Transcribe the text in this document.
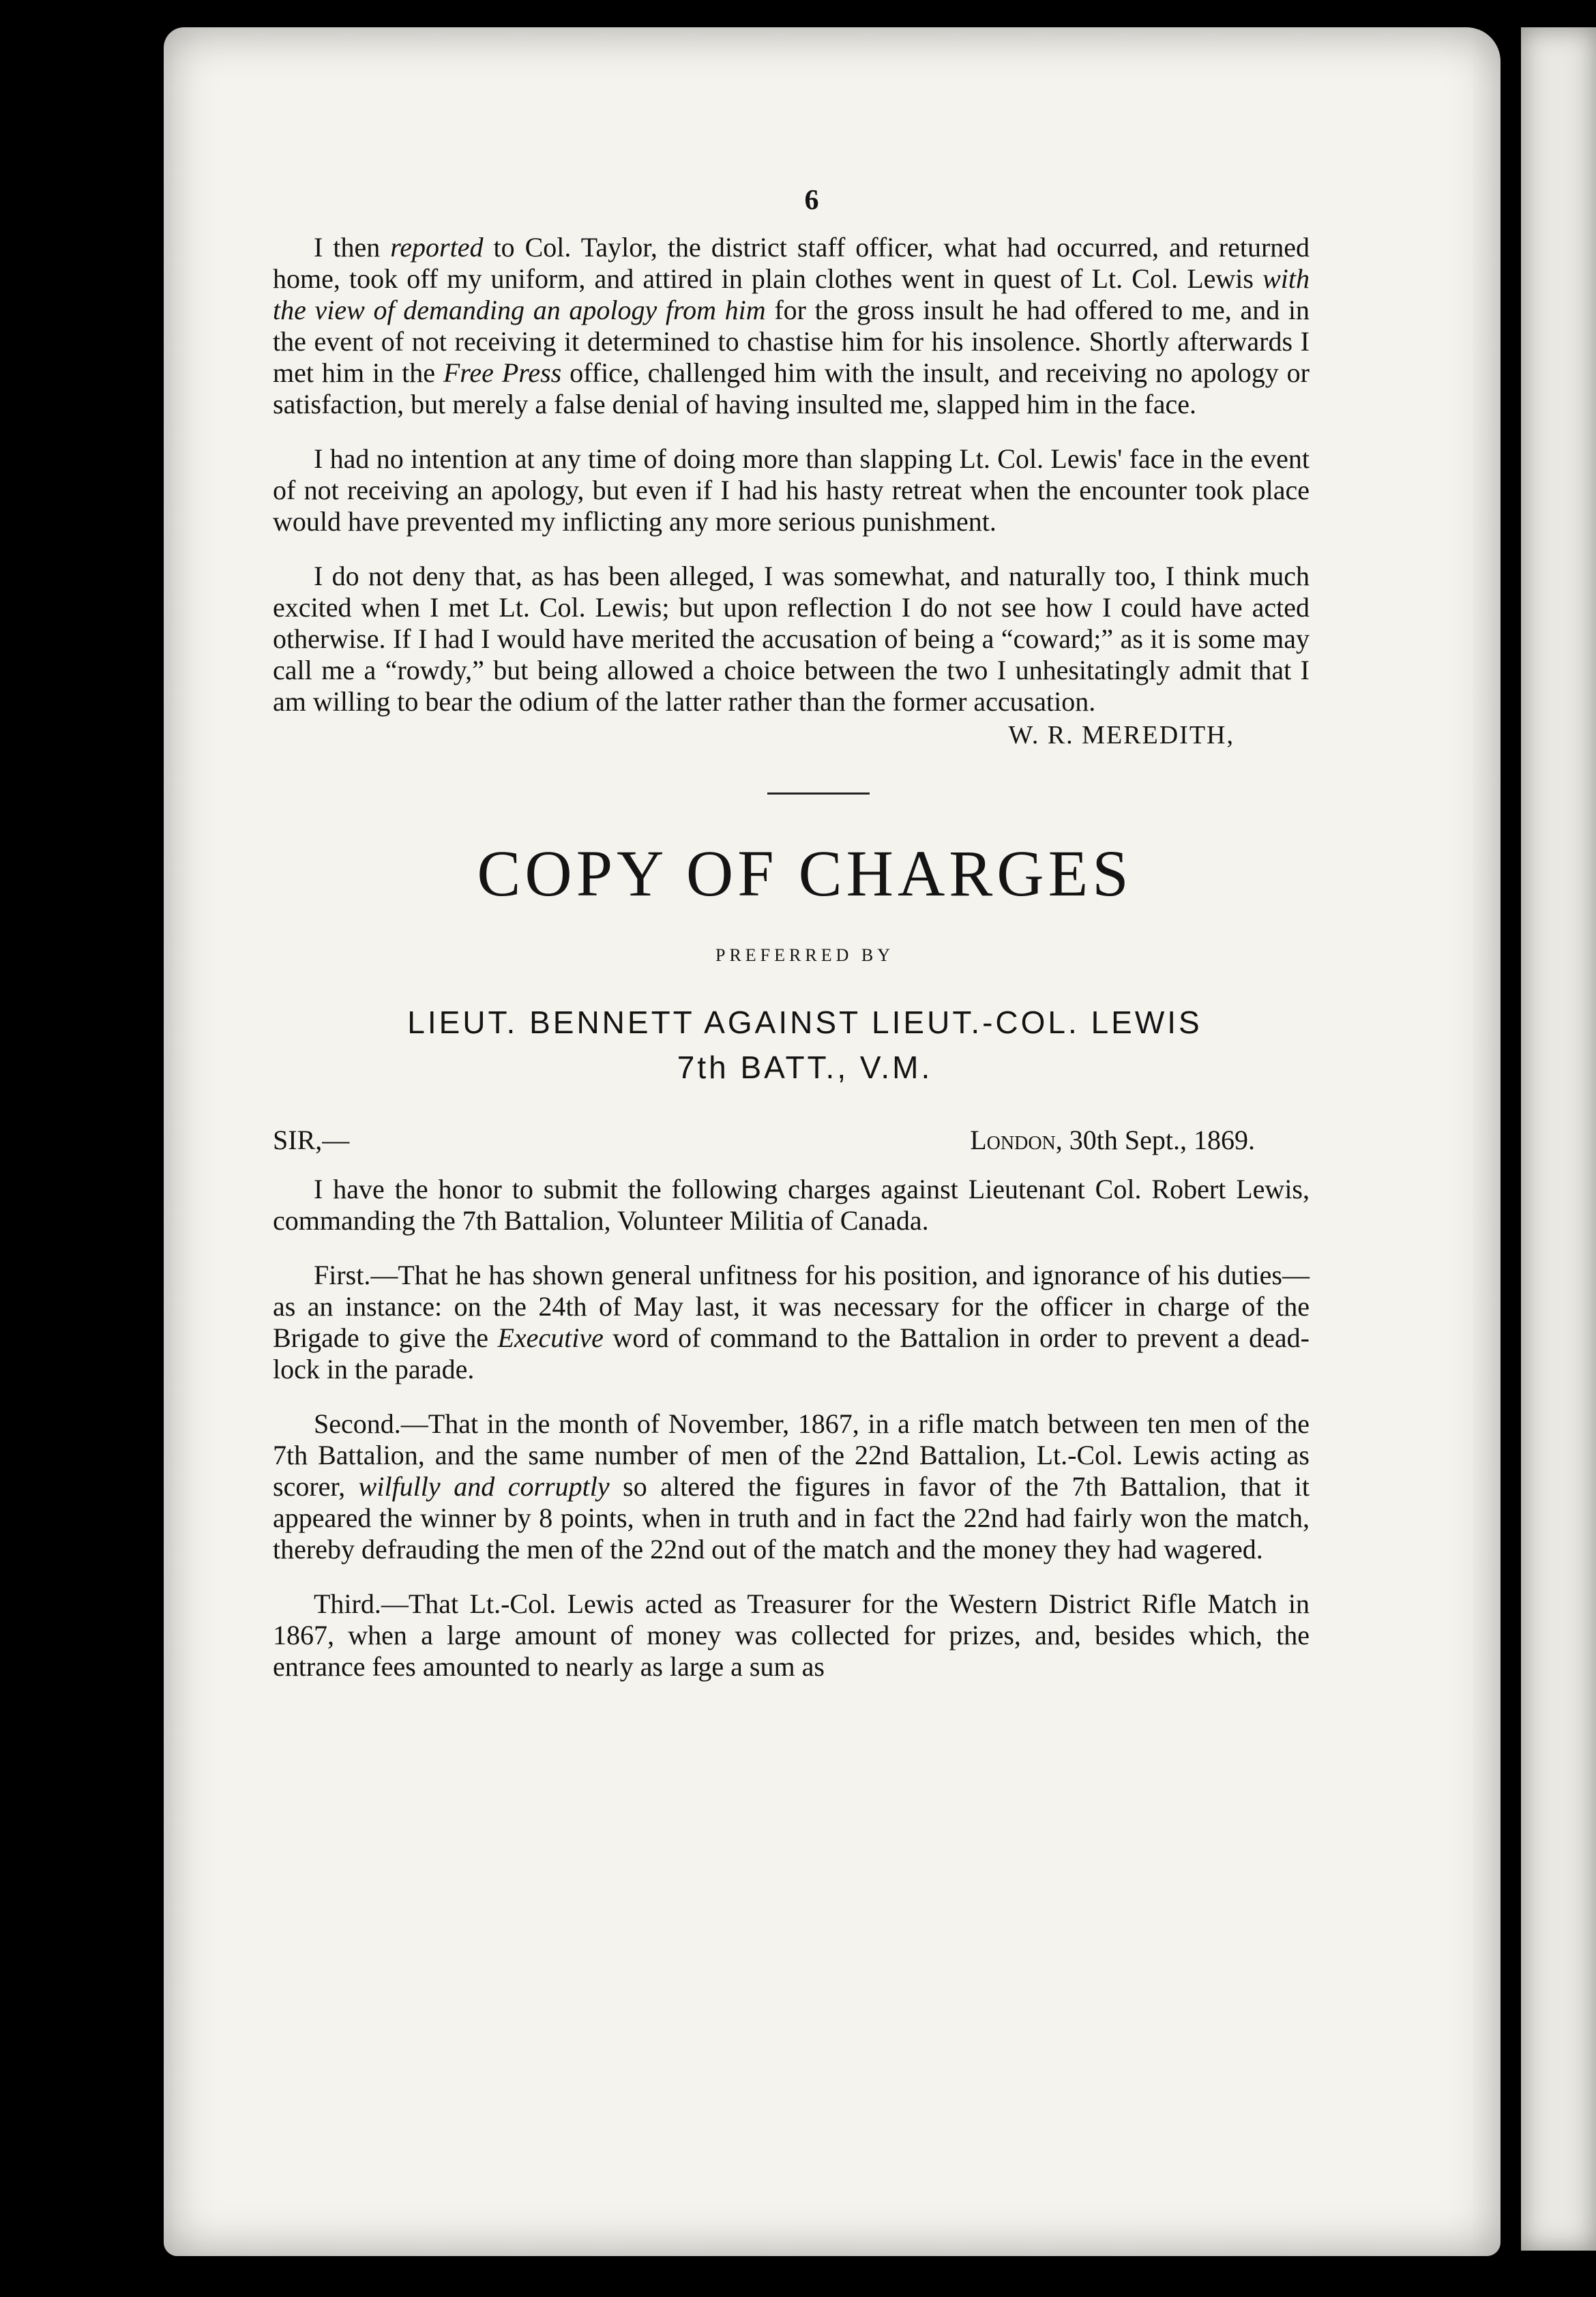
6

I then reported to Col. Taylor, the district staff officer, what had occurred, and returned home, took off my uniform, and attired in plain clothes went in quest of Lt. Col. Lewis with the view of demanding an apology from him for the gross insult he had offered to me, and in the event of not receiving it determined to chastise him for his insolence. Shortly afterwards I met him in the Free Press office, challenged him with the insult, and receiving no apology or satisfaction, but merely a false denial of having insulted me, slapped him in the face.

I had no intention at any time of doing more than slapping Lt. Col. Lewis' face in the event of not receiving an apology, but even if I had his hasty retreat when the encounter took place would have prevented my inflicting any more serious punishment.

I do not deny that, as has been alleged, I was somewhat, and naturally too, I think much excited when I met Lt. Col. Lewis; but upon reflection I do not see how I could have acted otherwise. If I had I would have merited the accusation of being a “coward;” as it is some may call me a “rowdy,” but being allowed a choice between the two I unhesitatingly admit that I am willing to bear the odium of the latter rather than the former accusation.

W. R. MEREDITH,
COPY OF CHARGES
PREFERRED BY
LIEUT. BENNETT AGAINST LIEUT.-COL. LEWIS
7th BATT., V.M.
SIR,—	London, 30th Sept., 1869.

I have the honor to submit the following charges against Lieutenant Col. Robert Lewis, commanding the 7th Battalion, Volunteer Militia of Canada.

First.—That he has shown general unfitness for his position, and ignorance of his duties—as an instance: on the 24th of May last, it was necessary for the officer in charge of the Brigade to give the Executive word of command to the Battalion in order to prevent a dead-lock in the parade.

Second.—That in the month of November, 1867, in a rifle match between ten men of the 7th Battalion, and the same number of men of the 22nd Battalion, Lt.-Col. Lewis acting as scorer, wilfully and corruptly so altered the figures in favor of the 7th Battalion, that it appeared the winner by 8 points, when in truth and in fact the 22nd had fairly won the match, thereby defrauding the men of the 22nd out of the match and the money they had wagered.

Third.—That Lt.-Col. Lewis acted as Treasurer for the Western District Rifle Match in 1867, when a large amount of money was collected for prizes, and, besides which, the entrance fees amounted to nearly as large a sum as
